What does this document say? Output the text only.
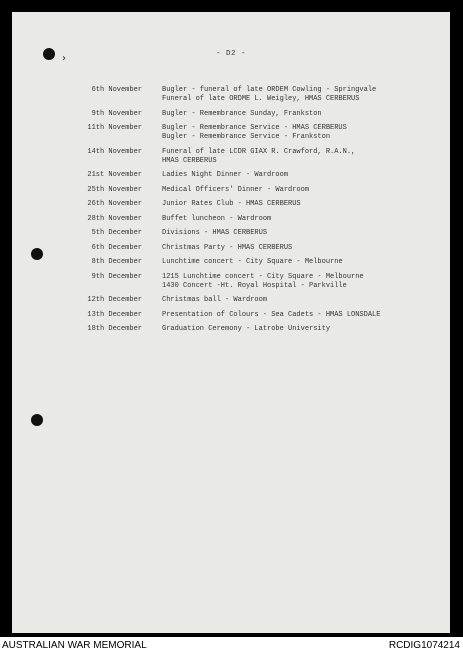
›	- D2 -
6th November	Bugler - funeral of late ORDEM Cowling - Springvale
Funeral of late ORDME L. Weigley, HMAS CERBERUS
9th November	Bugler - Remembrance Sunday, Frankston
11th November	Bugler - Remembrance Service - HMAS CERBERUS
Bugler - Remembrance Service - Frankston
14th November	Funeral of late LCDR GIAX R. Crawford, R.A.N.,
HMAS CERBERUS
21st November	Ladies Night Dinner - Wardroom
25th November	Medical Officers' Dinner - Wardroom
26th November	Junior Rates Club - HMAS CERBERUS
28th November	Buffet luncheon - Wardroom
5th December	Divisions - HMAS CERBERUS
6th December	Christmas Party - HMAS CERBERUS
8th December	Lunchtime concert - City Square - Melbourne
9th December	1215 Lunchtime concert - City Square - Melbourne
1430 Concert -Ht. Royal Hospital - Parkville
12th December	Christmas ball - Wardroom
13th December	Presentation of Colours - Sea Cadets - HMAS LONSDALE
18th December	Graduation Ceremony - Latrobe University
AUSTRALIAN WAR MEMORIAL	RCDIG1074214
